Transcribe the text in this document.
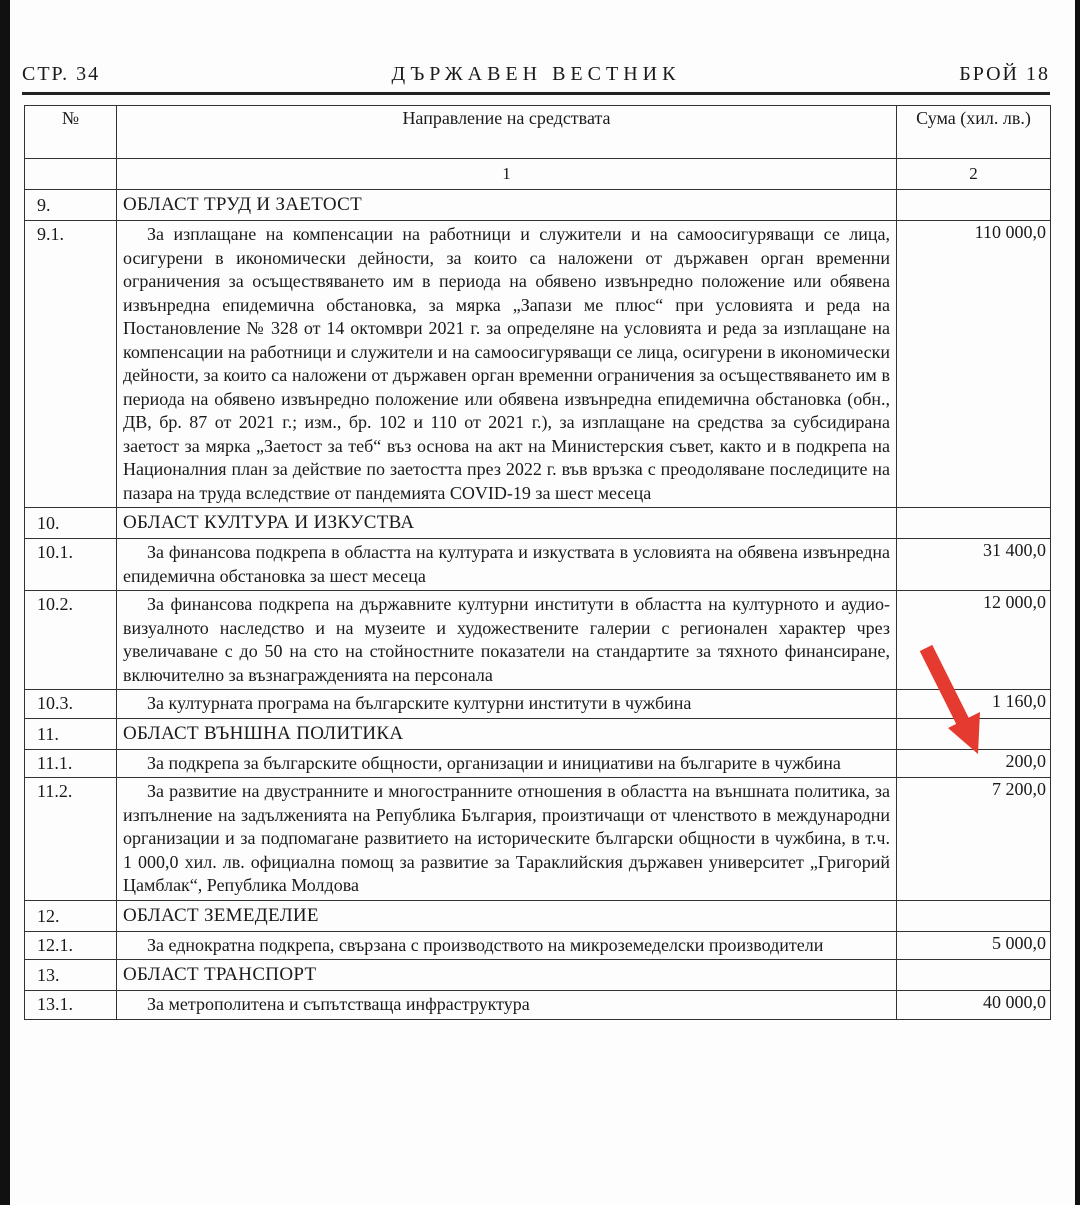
СТР. 34	ДЪРЖАВЕН ВЕСТНИК	БРОЙ 18
№	Направление на средствата	Сума (хил. лв.)
	1	2
9.	ОБЛАСТ ТРУД И ЗАЕТОСТ	
9.1.	За изплащане на компенсации на работници и служители и на самоосигуряващи се лица, осигурени в икономически дейности, за които са наложени от държавен орган временни ограничения за осъществяването им в периода на обявено извънредно положение или обявена извънредна епидемична обстановка, за мярка „Запази ме плюс“ при условията и реда на Постановление № 328 от 14 октомври 2021 г. за определяне на условията и реда за изплащане на компенсации на работници и служители и на самоосигуряващи се лица, осигурени в икономически дейности, за които са наложени от държавен орган временни ограничения за осъществяването им в периода на обявено извънредно положение или обявена извънредна епидемична обстановка (обн., ДВ, бр. 87 от 2021 г.; изм., бр. 102 и 110 от 2021 г.), за изплащане на средства за субсидирана заетост за мярка „Заетост за теб“ въз основа на акт на Министерския съвет, както и в подкрепа на Националния план за действие по заетостта през 2022 г. във връзка с преодоляване последиците на пазара на труда вследствие от пандемията COVID-19 за шест месеца	110 000,0
10.	ОБЛАСТ КУЛТУРА И ИЗКУСТВА	
10.1.	За финансова подкрепа в областта на културата и изкуствата в условията на обявена извънредна епидемична обстановка за шест месеца	31 400,0
10.2.	За финансова подкрепа на държавните културни институти в областта на културното и аудио-визуалното наследство и на музеите и художествените галерии с регионален характер чрез увеличаване с до 50 на сто на стойностните показатели на стандартите за тяхното финансиране, включително за възнагражденията на персонала	12 000,0
10.3.	За културната програма на българските културни институти в чужбина	1 160,0
11.	ОБЛАСТ ВЪНШНА ПОЛИТИКА	
11.1.	За подкрепа за българските общности, организации и инициативи на българите в чужбина	200,0
11.2.	За развитие на двустранните и многостранните отношения в областта на външната политика, за изпълнение на задълженията на Република България, произтичащи от членството в международни организации и за подпомагане развитието на историческите български общности в чужбина, в т.ч. 1 000,0 хил. лв. официална помощ за развитие за Тараклийския държавен университет „Григорий Цамблак“, Република Молдова	7 200,0
12.	ОБЛАСТ ЗЕМЕДЕЛИЕ	
12.1.	За еднократна подкрепа, свързана с производството на микроземеделски производители	5 000,0
13.	ОБЛАСТ ТРАНСПОРТ	
13.1.	За метрополитена и съпътстваща инфраструктура	40 000,0
